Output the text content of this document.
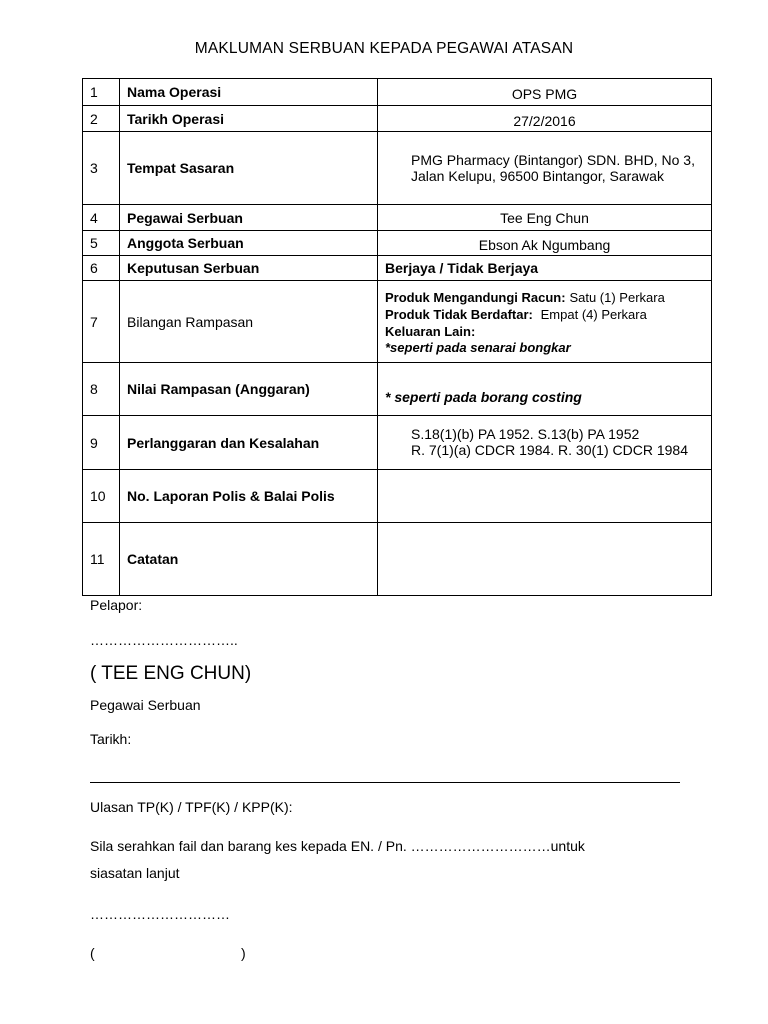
MAKLUMAN SERBUAN KEPADA PEGAWAI ATASAN
1	Nama Operasi	OPS PMG
2	Tarikh Operasi	27/2/2016
3	Tempat Sasaran	PMG Pharmacy (Bintangor) SDN. BHD, No 3,
Jalan Kelupu, 96500 Bintangor, Sarawak

4	Pegawai Serbuan	Tee Eng Chun
5	Anggota Serbuan	Ebson Ak Ngumbang
6	Keputusan Serbuan	Berjaya / Tidak Berjaya
7	Bilangan Rampasan	Produk Mengandungi Racun: Satu (1) Perkara
Produk Tidak Berdaftar: Empat (4) Perkara
Keluaran Lain:
*seperti pada senarai bongkar

8	Nilai Rampasan (Anggaran)	* seperti pada borang costing
9	Perlanggaran dan Kesalahan	S.18(1)(b) PA 1952. S.13(b) PA 1952
R. 7(1)(a) CDCR 1984. R. 30(1) CDCR 1984

10	No. Laporan Polis & Balai Polis	
11	Catatan	
Pelapor:
…………………………..
( TEE ENG CHUN)
Pegawai Serbuan
Tarikh:
Ulasan TP(K) / TPF(K) / KPP(K):
Sila serahkan fail dan barang kes kepada EN. / Pn. …………………………untuk
siasatan lanjut
…………………………
(	)
